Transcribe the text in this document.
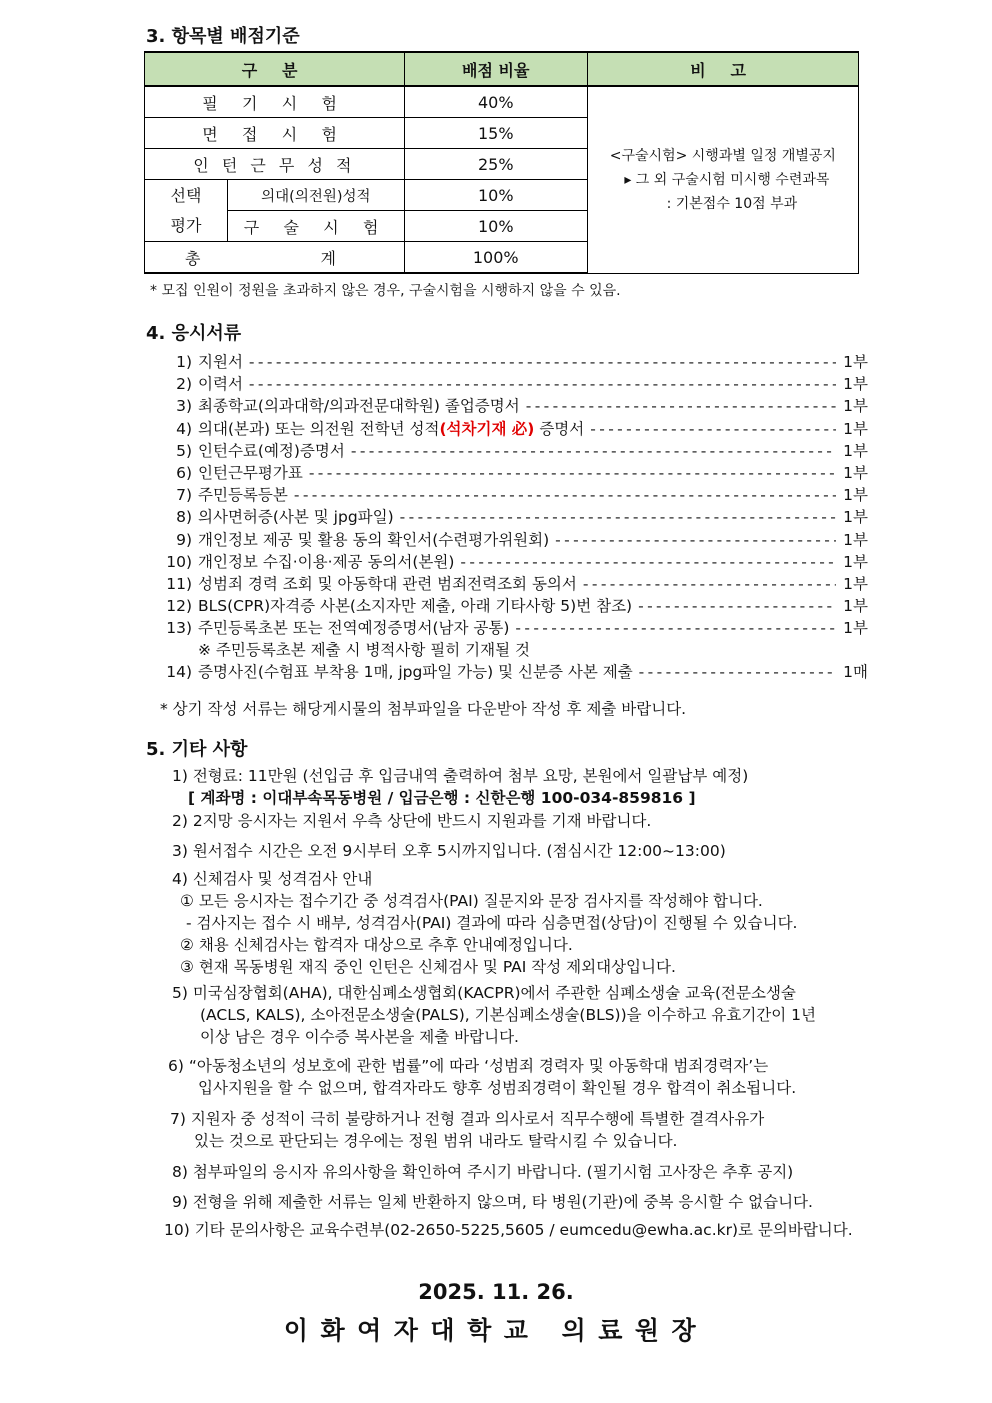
3. 항목별 배점기준
구 분		배점 비율	비 고
필 기 시 험		40%	<구술시험> 시행과별 일정 개별공지
▸ 그 외 구술시험 미시행 수련과목
: 기본점수 10점 부과

면 접 시 험		15%	
인 턴 근 무 성 적		25%	

선택
평가	의대(의전원)성적	10%	
	구 술 시 험	10%	
총 계		100%	
* 모집 인원이 정원을 초과하지 않은 경우, 구술시험을 시행하지 않을 수 있음.
4. 응시서류
1) 지원서 - - -	1부
2) 이력서 - - -	1부
3) 최종학교(의과대학/의과전문대학원) 졸업증명서 - - -	1부
4) 의대(본과) 또는 의전원 전학년 성적(석차기재 必) 증명서 - - -	1부
5) 인턴수료(예정)증명서 - - -	1부
6) 인턴근무평가표 - - -	1부
7) 주민등록등본 - - -	1부
8) 의사면허증(사본 및 jpg파일) - - -	1부
9) 개인정보 제공 및 활용 동의 확인서(수련평가위원회) - - -	1부
10) 개인정보 수집·이용·제공 동의서(본원) - - -	1부
11) 성범죄 경력 조회 및 아동학대 관련 범죄전력조회 동의서 - - -	1부
12) BLS(CPR)자격증 사본(소지자만 제출, 아래 기타사항 5)번 참조) - - -	1부
13) 주민등록초본 또는 전역예정증명서(남자 공통) - - -	1부
※ 주민등록초본 제출 시 병적사항 필히 기재될 것
14) 증명사진(수험표 부착용 1매, jpg파일 가능) 및 신분증 사본 제출 - - -	1매
* 상기 작성 서류는 해당게시물의 첨부파일을 다운받아 작성 후 제출 바랍니다.
5. 기타 사항
1) 전형료: 11만원 (선입금 후 입금내역 출력하여 첨부 요망, 본원에서 일괄납부 예정)
[ 계좌명 : 이대부속목동병원 / 입금은행 : 신한은행 100-034-859816 ]
2) 2지망 응시자는 지원서 우측 상단에 반드시 지원과를 기재 바랍니다.
3) 원서접수 시간은 오전 9시부터 오후 5시까지입니다. (점심시간 12:00~13:00)
4) 신체검사 및 성격검사 안내
① 모든 응시자는 접수기간 중 성격검사(PAI) 질문지와 문장 검사지를 작성해야 합니다.
- 검사지는 접수 시 배부, 성격검사(PAI) 결과에 따라 심층면접(상담)이 진행될 수 있습니다.
② 채용 신체검사는 합격자 대상으로 추후 안내예정입니다.
③ 현재 목동병원 재직 중인 인턴은 신체검사 및 PAI 작성 제외대상입니다.
5) 미국심장협회(AHA), 대한심폐소생협회(KACPR)에서 주관한 심폐소생술 교육(전문소생술
(ACLS, KALS), 소아전문소생술(PALS), 기본심폐소생술(BLS))을 이수하고 유효기간이 1년
이상 남은 경우 이수증 복사본을 제출 바랍니다.
6) “아동청소년의 성보호에 관한 법률”에 따라 ‘성범죄 경력자 및 아동학대 범죄경력자’는
입사지원을 할 수 없으며, 합격자라도 향후 성범죄경력이 확인될 경우 합격이 취소됩니다.
7) 지원자 중 성적이 극히 불량하거나 전형 결과 의사로서 직무수행에 특별한 결격사유가
있는 것으로 판단되는 경우에는 정원 범위 내라도 탈락시킬 수 있습니다.
8) 첨부파일의 응시자 유의사항을 확인하여 주시기 바랍니다. (필기시험 고사장은 추후 공지)
9) 전형을 위해 제출한 서류는 일체 반환하지 않으며, 타 병원(기관)에 중복 응시할 수 없습니다.
10) 기타 문의사항은 교육수련부(02-2650-5225,5605 / eumcedu@ewha.ac.kr)로 문의바랍니다.
2025. 11. 26.
이화여자대학교 의료원장
